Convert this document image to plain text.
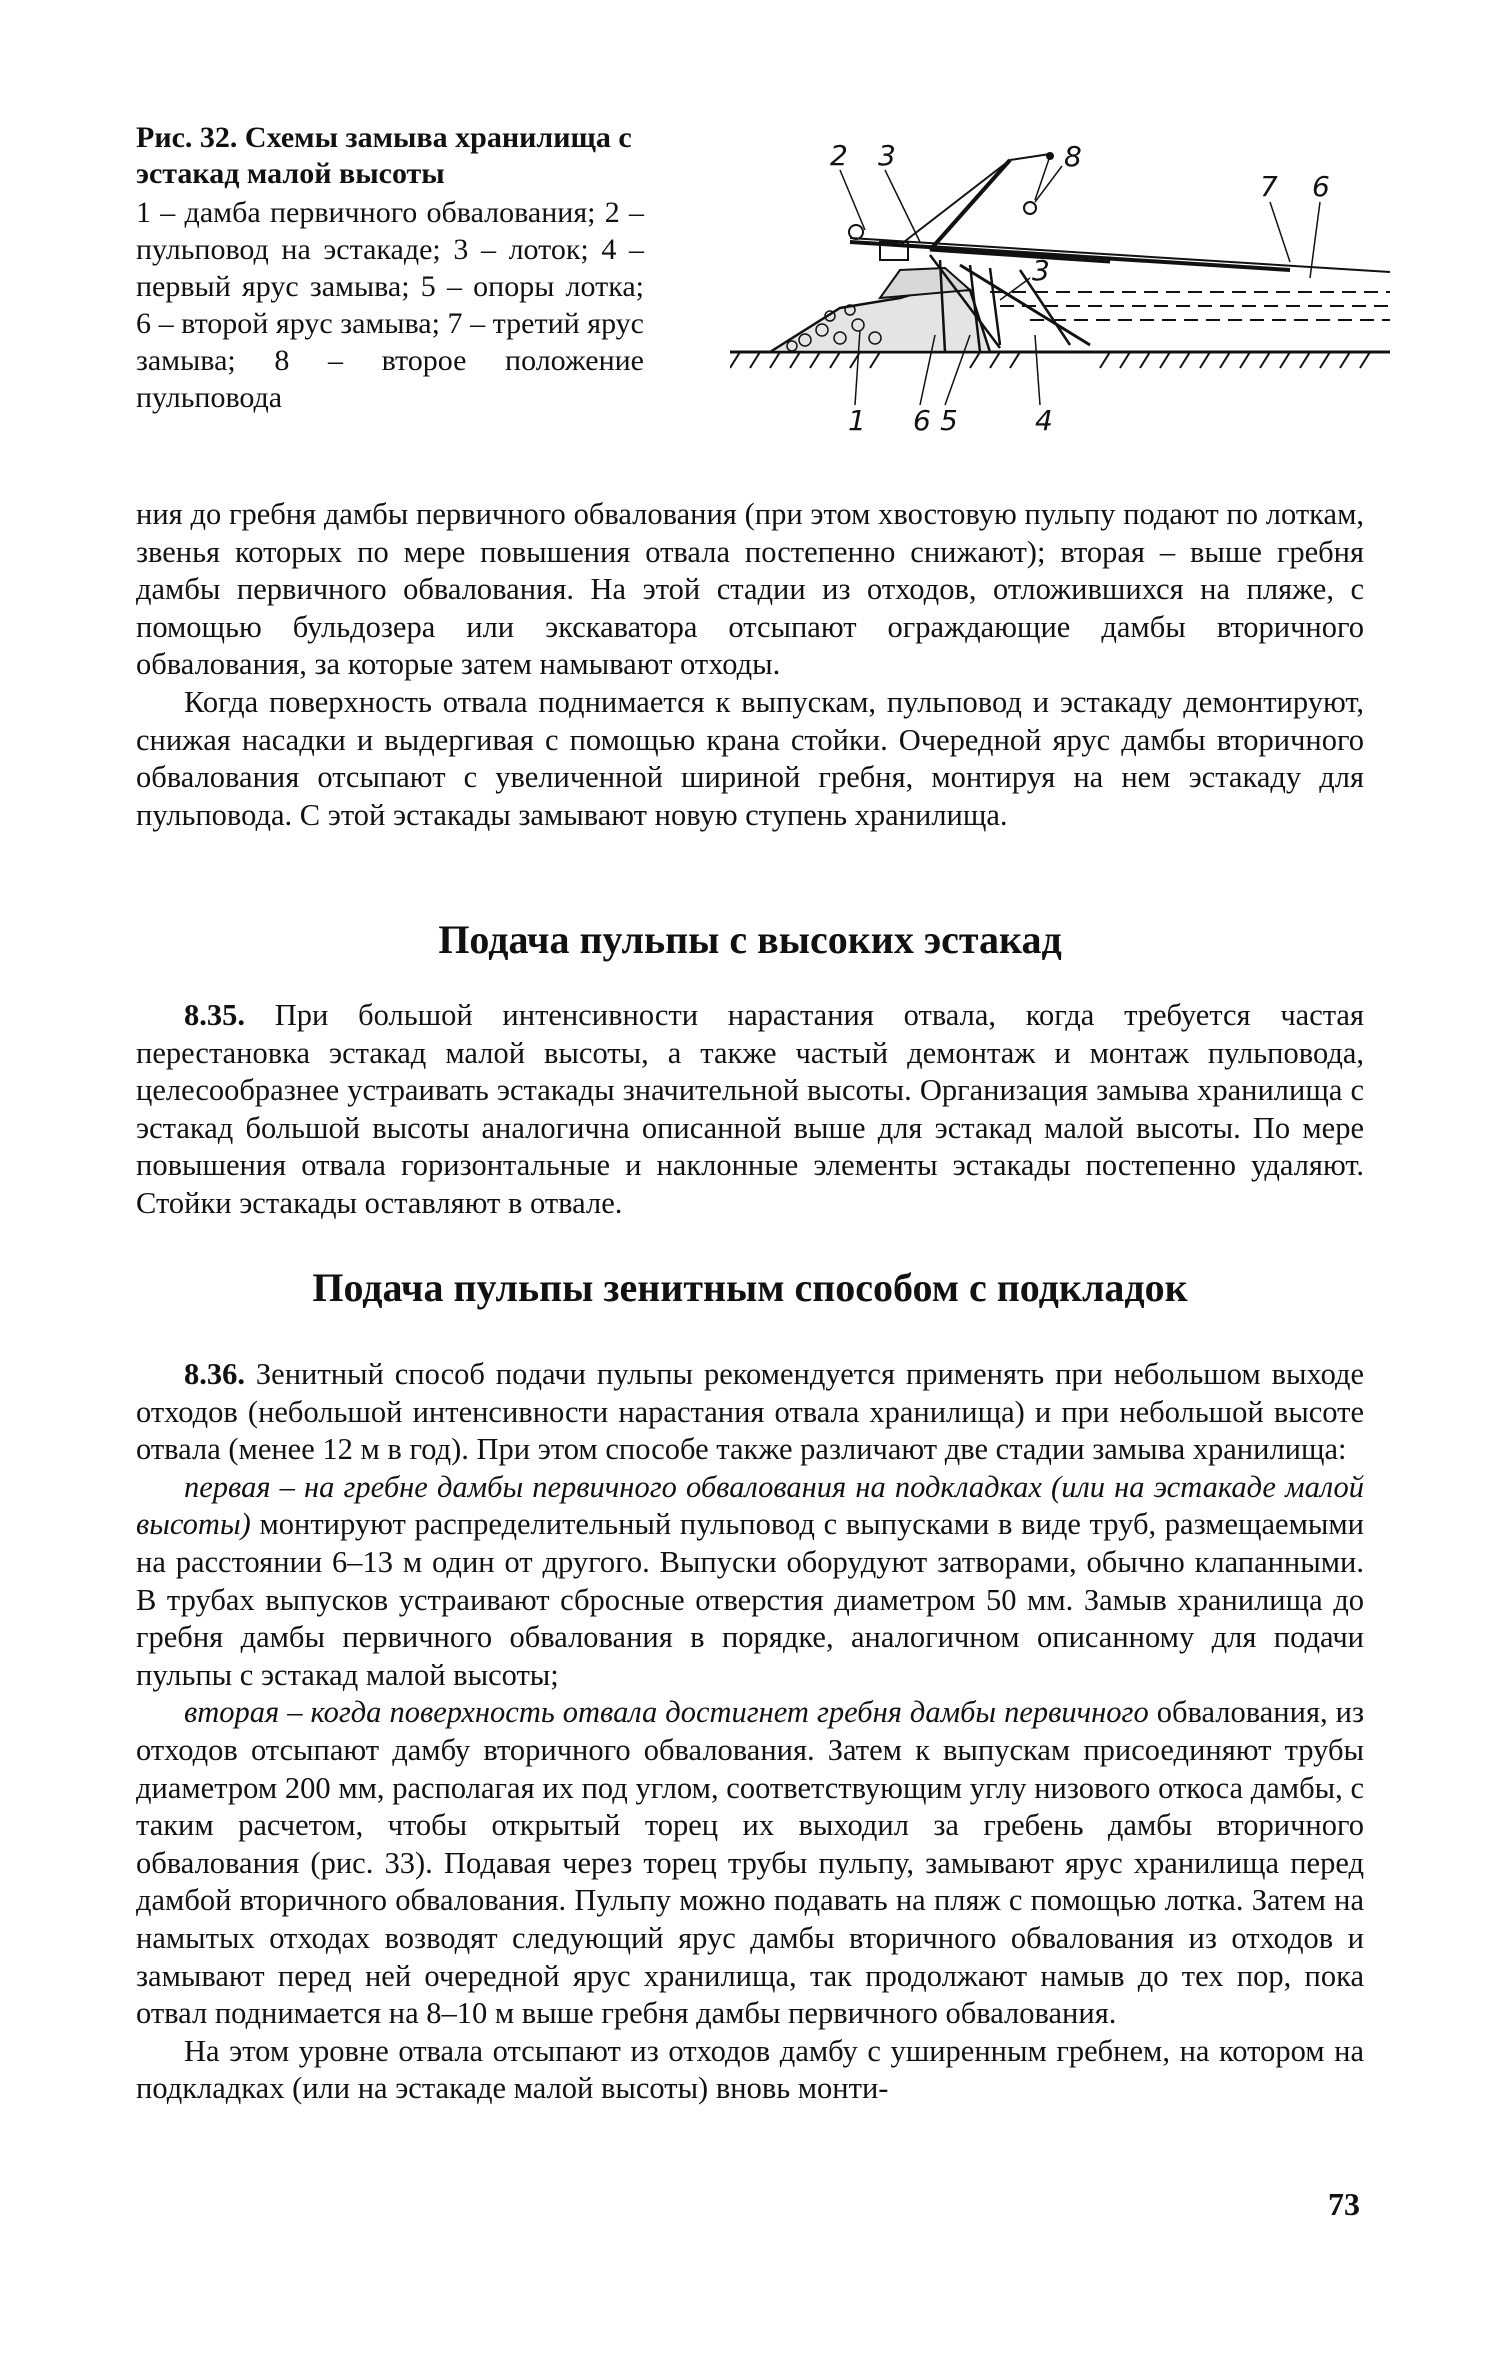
Рис. 32. Схемы замыва хранилища с эстакад малой высоты

1 – дамба первичного обвалования; 2 – пульповод на эстакаде; 3 – лоток; 4 – первый ярус замыва; 5 – опоры лотка; 6 – второй ярус замыва; 7 – третий ярус замыва; 8 – второе положение пульповода

2 3	8
7 6
3
1 6 5	4

ния до гребня дамбы первичного обвалования (при этом хвостовую пульпу подают по лоткам, звенья которых по мере повышения отвала постепенно снижают); вторая – выше гребня дамбы первичного обвалования. На этой стадии из отходов, отложившихся на пляже, с помощью бульдозера или экскаватора отсыпают ограждающие дамбы вторичного обвалования, за которые затем намывают отходы.

Когда поверхность отвала поднимается к выпускам, пульповод и эстакаду демонтируют, снижая насадки и выдергивая с помощью крана стойки. Очередной ярус дамбы вторичного обвалования отсыпают с увеличенной шириной гребня, монтируя на нем эстакаду для пульповода. С этой эстакады замывают новую ступень хранилища.

Подача пульпы с высоких эстакад

8.35. При большой интенсивности нарастания отвала, когда требуется частая перестановка эстакад малой высоты, а также частый демонтаж и монтаж пульповода, целесообразнее устраивать эстакады значительной высоты. Организация замыва хранилища с эстакад большой высоты аналогична описанной выше для эстакад малой высоты. По мере повышения отвала горизонтальные и наклонные элементы эстакады постепенно удаляют. Стойки эстакады оставляют в отвале.

Подача пульпы зенитным способом с подкладок

8.36. Зенитный способ подачи пульпы рекомендуется применять при небольшом выходе отходов (небольшой интенсивности нарастания отвала хранилища) и при небольшой высоте отвала (менее 12 м в год). При этом способе также различают две стадии замыва хранилища:

первая – на гребне дамбы первичного обвалования на подкладках (или на эстакаде малой высоты) монтируют распределительный пульповод с выпусками в виде труб, размещаемыми на расстоянии 6–13 м один от другого. Выпуски оборудуют затворами, обычно клапанными. В трубах выпусков устраивают сбросные отверстия диаметром 50 мм. Замыв хранилища до гребня дамбы первичного обвалования в порядке, аналогичном описанному для подачи пульпы с эстакад малой высоты;

вторая – когда поверхность отвала достигнет гребня дамбы первичного обвалования, из отходов отсыпают дамбу вторичного обвалования. Затем к выпускам присоединяют трубы диаметром 200 мм, располагая их под углом, соответствующим углу низового откоса дамбы, с таким расчетом, чтобы открытый торец их выходил за гребень дамбы вторичного обвалования (рис. 33). Подавая через торец трубы пульпу, замывают ярус хранилища перед дамбой вторичного обвалования. Пульпу можно подавать на пляж с помощью лотка. Затем на намытых отходах возводят следующий ярус дамбы вторичного обвалования из отходов и замывают перед ней очередной ярус хранилища, так продолжают намыв до тех пор, пока отвал поднимается на 8–10 м выше гребня дамбы первичного обвалования.

На этом уровне отвала отсыпают из отходов дамбу с уширенным гребнем, на котором на подкладках (или на эстакаде малой высоты) вновь монти-

73
